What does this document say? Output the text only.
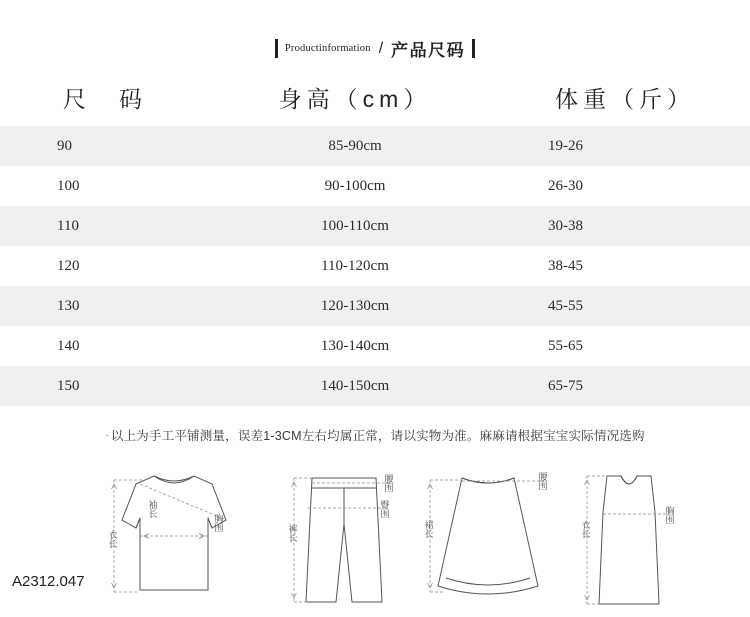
Productinformation / 产品尺码
尺　码	身高（cm）	体重（斤）
90	85-90cm	19-26
100	90-100cm	26-30
110	100-110cm	30-38
120	110-120cm	38-45
130	120-130cm	45-55
140	130-140cm	55-65
150	140-150cm	65-75
· 以上为手工平铺测量，误差1-3CM左右均属正常，请以实物为准。麻麻请根据宝宝实际情况选购
衣长
袖长
胸围
裤长
腰围
臀围
裙长
腰围
衣长
胸围
A2312.047
